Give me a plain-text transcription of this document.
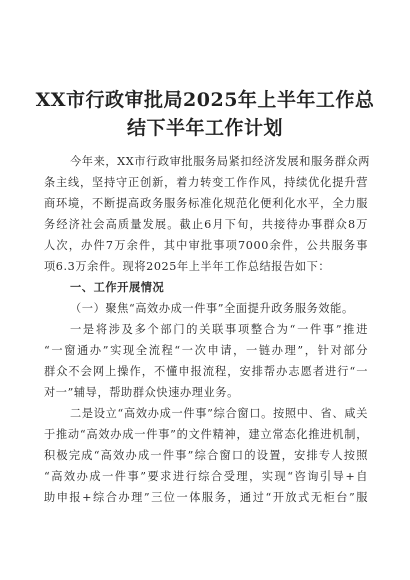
XX市行政审批局2025年上半年工作总
结下半年工作计划
今年来，XX市行政审批服务局紧扣经济发展和服务群众两
条主线，坚持守正创新，着力转变工作作风，持续优化提升营
商环境，不断提高政务服务标准化规范化便利化水平，全力服
务经济社会高质量发展。截止6月下旬，共接待办事群众8万
人次，办件7万余件，其中审批事项7000余件，公共服务事
项6.3万余件。现将2025年上半年工作总结报告如下：
一、工作开展情况
（一）聚焦“高效办成一件事”全面提升政务服务效能。
一是将涉及多个部门的关联事项整合为“一件事”推进
“一窗通办”实现全流程“一次申请，一链办理”，针对部分
群众不会网上操作，不懂申报流程，安排帮办志愿者进行“一
对一”辅导，帮助群众快速办理业务。
二是设立“高效办成一件事”综合窗口。按照中、省、咸关
于推动“高效办成一件事”的文件精神，建立常态化推进机制，
积极完成“高效办成一件事”综合窗口的设置，安排专人按照
“高效办成一件事”要求进行综合受理，实现“咨询引导+自
助申报+综合办理”三位一体服务，通过“开放式无柜台”服
